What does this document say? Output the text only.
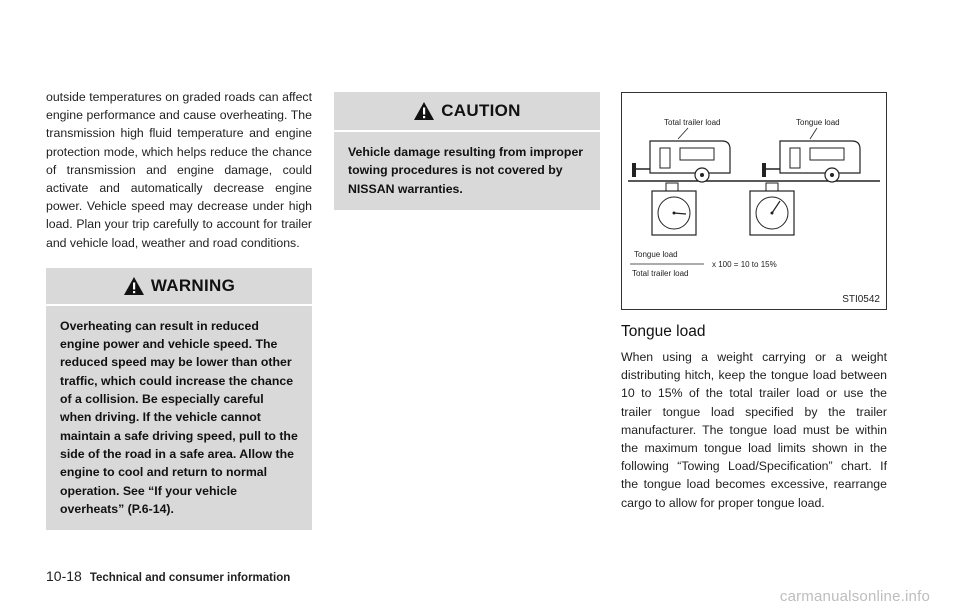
outside temperatures on graded roads can affect engine performance and cause overheating. The transmission high fluid temperature and engine protection mode, which helps reduce the chance of transmission and engine damage, could activate and automatically decrease engine power. Vehicle speed may decrease under high load. Plan your trip carefully to account for trailer and vehicle load, weather and road conditions.

WARNING

Overheating can result in reduced engine power and vehicle speed. The reduced speed may be lower than other traffic, which could increase the chance of a collision. Be especially careful when driving. If the vehicle cannot maintain a safe driving speed, pull to the side of the road in a safe area. Allow the engine to cool and return to normal operation. See “If your vehicle overheats” (P.6-14).

CAUTION

Vehicle damage resulting from improper towing procedures is not covered by NISSAN warranties.

Total trailer load	Tongue load
Tongue load
Total trailer load
x 100 = 10 to 15%
STI0542
Tongue load

When using a weight carrying or a weight distributing hitch, keep the tongue load between 10 to 15% of the total trailer load or use the trailer tongue load specified by the trailer manufacturer. The tongue load must be within the maximum tongue load limits shown in the following “Towing Load/Specification” chart. If the tongue load becomes excessive, rearrange cargo to allow for proper tongue load.

10-18 Technical and consumer information
carmanualsonline.info
